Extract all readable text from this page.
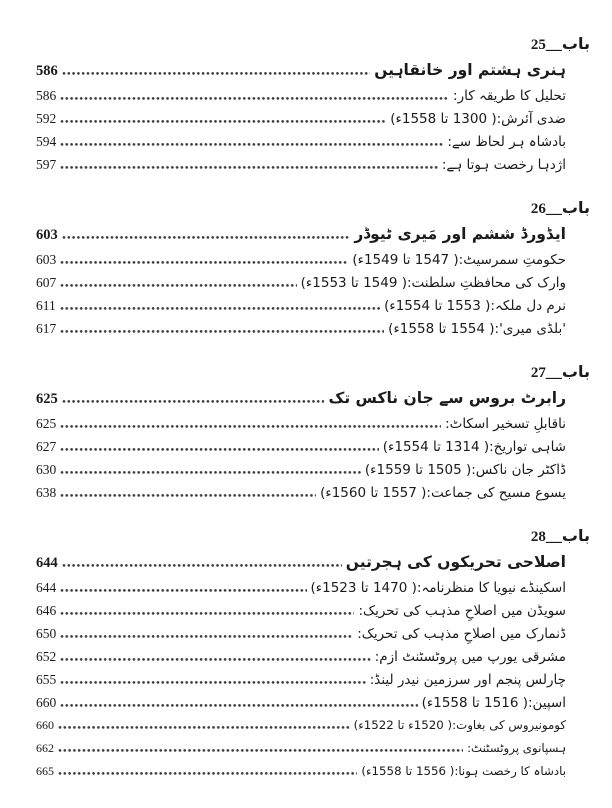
باب__25
ہنری ہشتم اور خانقاہیں
586
تحلیل کا طریقہ کار:
586
ضدی آئرش:( 1300 تا 1558ء)
592
بادشاہ ہر لحاظ سے:
594
اژدہا رخصت ہوتا ہے:
597
باب__26
ایڈورڈ ششم اور مَیری ٹیوڈر
603
حکومتِ سمرسیٹ:( 1547 تا 1549ء)
603
وارک کی محافظتِ سلطنت:( 1549 تا 1553ء)
607
نرم دل ملکہ:( 1553 تا 1554ء)
611
'بلڈی میری':( 1554 تا 1558ء)
617
باب__27
رابرٹ بروس سے جان ناکس تک
625
ناقابلِ تسخیر اسکاٹ:
625
شاہی تواریخ:( 1314 تا 1554ء)
627
ڈاکٹر جان ناکس:( 1505 تا 1559ء)
630
یسوع مسیح کی جماعت:( 1557 تا 1560ء)
638
باب__28
اصلاحی تحریکوں کی ہجرتیں
644
اسکینڈے نیویا کا منظرنامہ:( 1470 تا 1523ء)
644
سویڈن میں اصلاحِ مذہب کی تحریک:
646
ڈنمارک میں اصلاحِ مذہب کی تحریک:
650
مشرقی یورپ میں پروٹسٹنٹ ازم:
652
چارلس پنجم اور سرزمین نیدر لینڈ:
655
اسپین:( 1516 تا 1558ء)
660
کومونیروس کی بغاوت:( 1520ء تا 1522ء)
660
ہسپانوی پروٹسٹنٹ:
662
بادشاہ کا رخصت ہونا:( 1556 تا 1558ء)
665
